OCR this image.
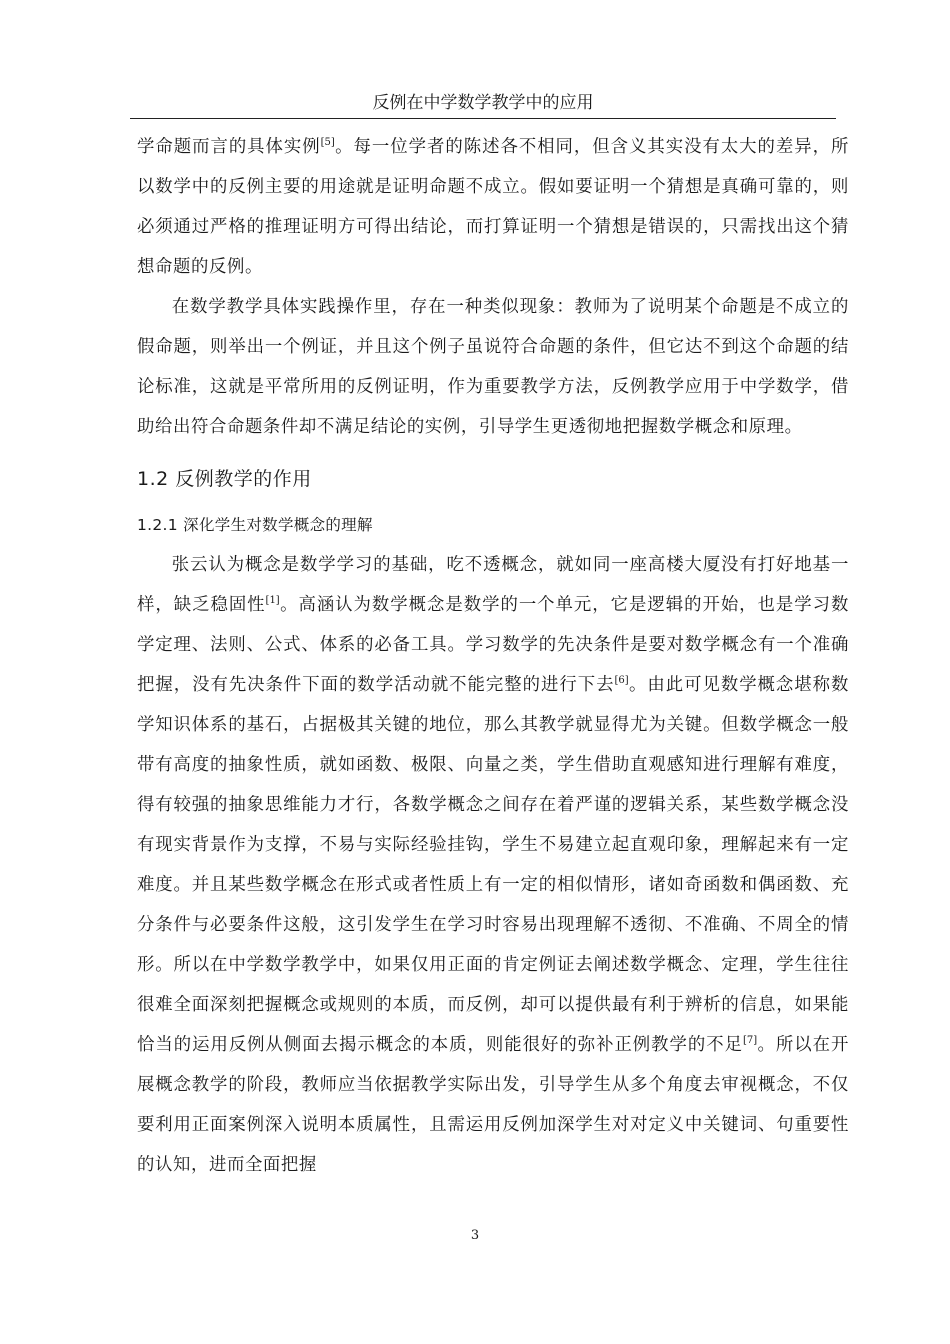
反例在中学数学教学中的应用

学命题而言的具体实例[5]。每一位学者的陈述各不相同，但含义其实没有太大的差异，所以数学中的反例主要的用途就是证明命题不成立。假如要证明一个猜想是真确可靠的，则必须通过严格的推理证明方可得出结论，而打算证明一个猜想是错误的，只需找出这个猜想命题的反例。

在数学教学具体实践操作里，存在一种类似现象：教师为了说明某个命题是不成立的假命题，则举出一个例证，并且这个例子虽说符合命题的条件，但它达不到这个命题的结论标准，这就是平常所用的反例证明，作为重要教学方法，反例教学应用于中学数学，借助给出符合命题条件却不满足结论的实例，引导学生更透彻地把握数学概念和原理。

1.2 反例教学的作用
1.2.1 深化学生对数学概念的理解

张云认为概念是数学学习的基础，吃不透概念，就如同一座高楼大厦没有打好地基一样，缺乏稳固性[1]。高涵认为数学概念是数学的一个单元，它是逻辑的开始，也是学习数学定理、法则、公式、体系的必备工具。学习数学的先决条件是要对数学概念有一个准确把握，没有先决条件下面的数学活动就不能完整的进行下去[6]。由此可见数学概念堪称数学知识体系的基石，占据极其关键的地位，那么其教学就显得尤为关键。但数学概念一般带有高度的抽象性质，就如函数、极限、向量之类，学生借助直观感知进行理解有难度，得有较强的抽象思维能力才行，各数学概念之间存在着严谨的逻辑关系，某些数学概念没有现实背景作为支撑，不易与实际经验挂钩，学生不易建立起直观印象，理解起来有一定难度。并且某些数学概念在形式或者性质上有一定的相似情形，诸如奇函数和偶函数、充分条件与必要条件这般，这引发学生在学习时容易出现理解不透彻、不准确、不周全的情形。所以在中学数学教学中，如果仅用正面的肯定例证去阐述数学概念、定理，学生往往很难全面深刻把握概念或规则的本质，而反例，却可以提供最有利于辨析的信息，如果能恰当的运用反例从侧面去揭示概念的本质，则能很好的弥补正例教学的不足[7]。所以在开展概念教学的阶段，教师应当依据教学实际出发，引导学生从多个角度去审视概念，不仅要利用正面案例深入说明本质属性，且需运用反例加深学生对对定义中关键词、句重要性的认知，进而全面把握

3
